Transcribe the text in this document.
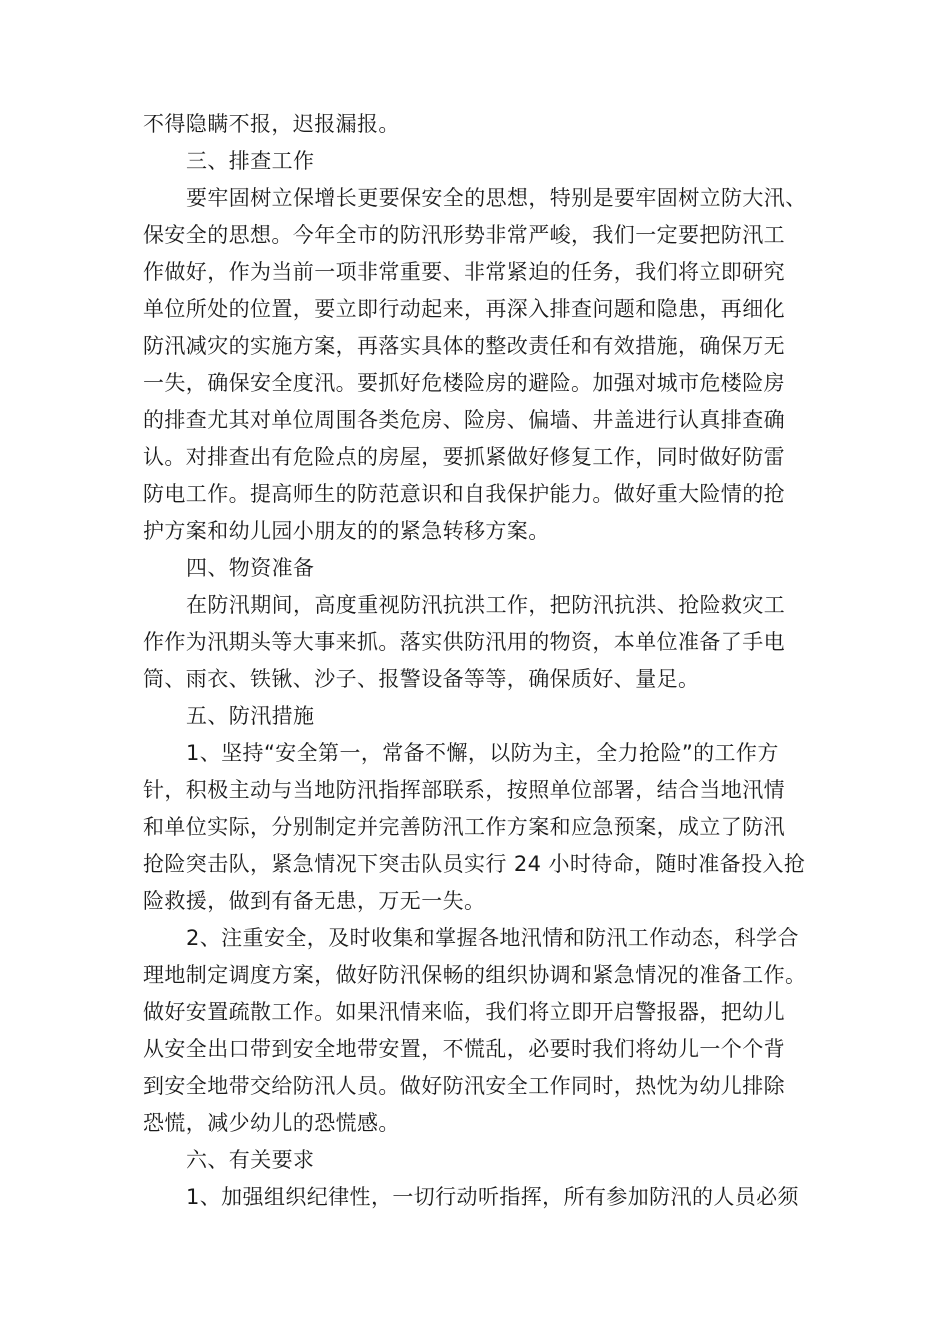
不得隐瞒不报，迟报漏报。
三、排查工作
要牢固树立保增长更要保安全的思想，特别是要牢固树立防大汛、
保安全的思想。今年全市的防汛形势非常严峻，我们一定要把防汛工
作做好，作为当前一项非常重要、非常紧迫的任务，我们将立即研究
单位所处的位置，要立即行动起来，再深入排查问题和隐患，再细化
防汛减灾的实施方案，再落实具体的整改责任和有效措施，确保万无
一失，确保安全度汛。要抓好危楼险房的避险。加强对城市危楼险房
的排查尤其对单位周围各类危房、险房、偏墙、井盖进行认真排查确
认。对排查出有危险点的房屋，要抓紧做好修复工作，同时做好防雷
防电工作。提高师生的防范意识和自我保护能力。做好重大险情的抢
护方案和幼儿园小朋友的的紧急转移方案。
四、物资准备
在防汛期间，高度重视防汛抗洪工作，把防汛抗洪、抢险救灾工
作作为汛期头等大事来抓。落实供防汛用的物资，本单位准备了手电
筒、雨衣、铁锹、沙子、报警设备等等，确保质好、量足。
五、防汛措施
1、坚持“安全第一，常备不懈，以防为主，全力抢险”的工作方
针，积极主动与当地防汛指挥部联系，按照单位部署，结合当地汛情
和单位实际，分别制定并完善防汛工作方案和应急预案，成立了防汛
抢险突击队，紧急情况下突击队员实行 24 小时待命，随时准备投入抢
险救援，做到有备无患，万无一失。
2、注重安全，及时收集和掌握各地汛情和防汛工作动态，科学合
理地制定调度方案，做好防汛保畅的组织协调和紧急情况的准备工作。
做好安置疏散工作。如果汛情来临，我们将立即开启警报器，把幼儿
从安全出口带到安全地带安置，不慌乱，必要时我们将幼儿一个个背
到安全地带交给防汛人员。做好防汛安全工作同时，热忱为幼儿排除
恐慌，减少幼儿的恐慌感。
六、有关要求
1、加强组织纪律性，一切行动听指挥，所有参加防汛的人员必须
